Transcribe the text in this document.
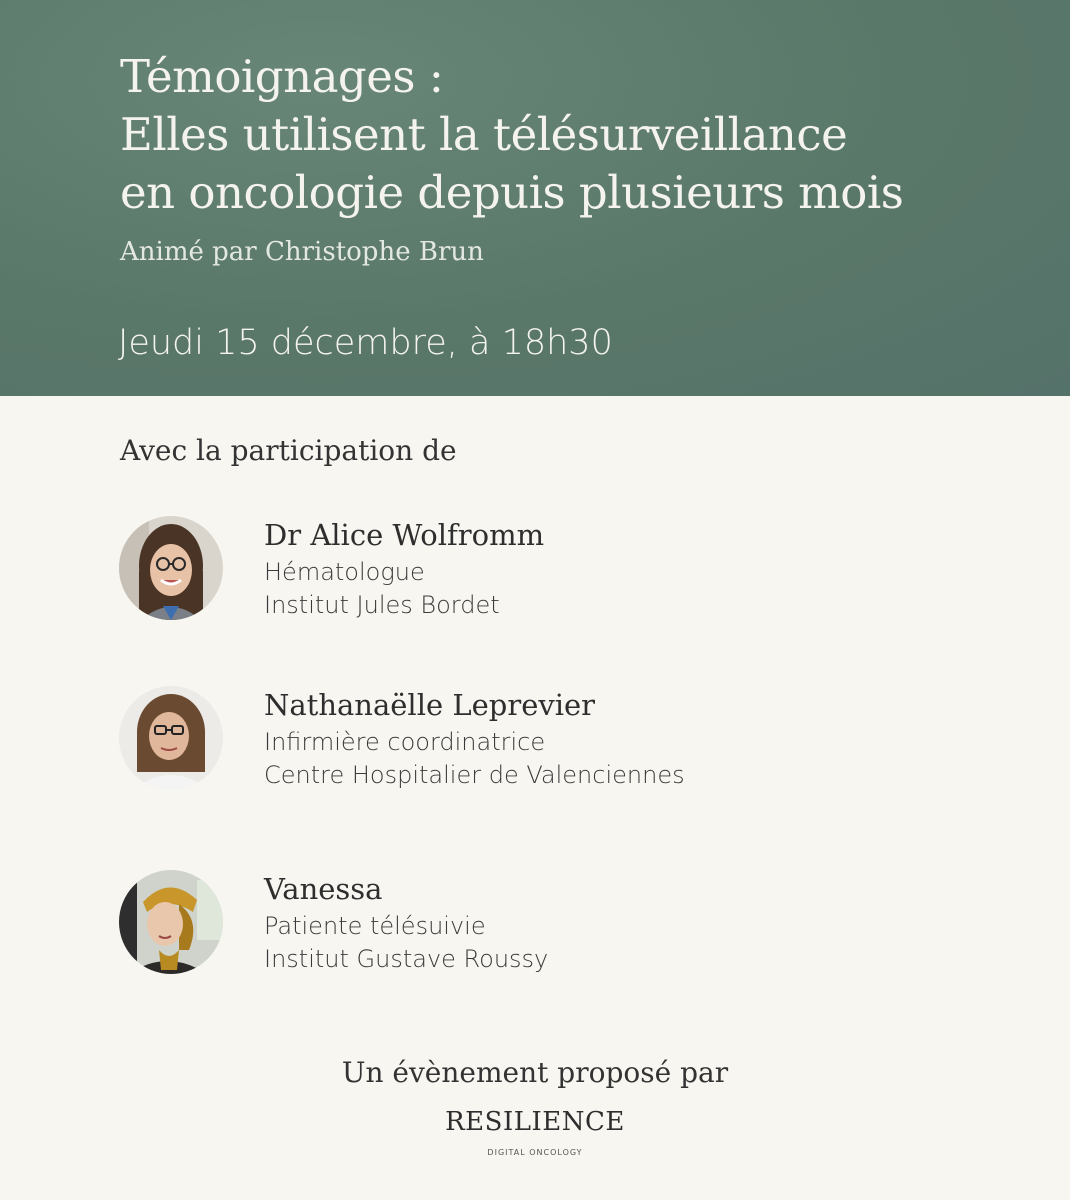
Témoignages :
Elles utilisent la télésurveillance
en oncologie depuis plusieurs mois

Animé par Christophe Brun

Jeudi 15 décembre, à 18h30

Avec la participation de

Dr Alice Wolfromm

Hématologue

Institut Jules Bordet

Nathanaëlle Leprevier

Infirmière coordinatrice

Centre Hospitalier de Valenciennes

Vanessa

Patiente télésuivie

Institut Gustave Roussy

Un évènement proposé par

RESILIENCE

DIGITAL ONCOLOGY
